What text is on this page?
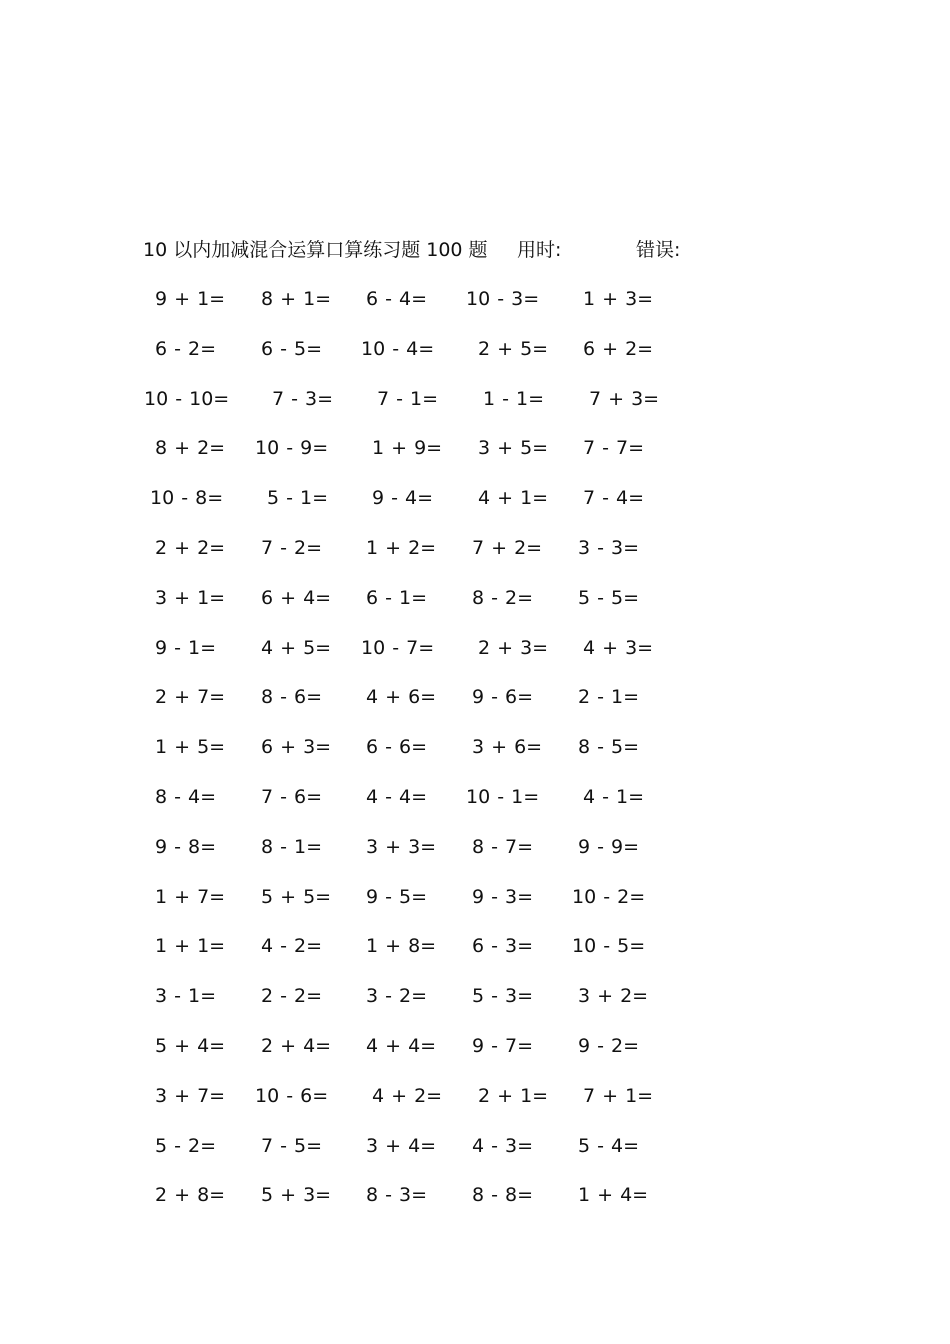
10 以内加减混合运算口算练习题 100 题 用时:	错误:
9 + 1= 8 + 1= 6 - 4= 10 - 3= 1 + 3=
6 - 2= 6 - 5= 10 - 4= 2 + 5= 6 + 2=
10 - 10= 7 - 3= 7 - 1= 1 - 1= 7 + 3=
8 + 2= 10 - 9= 1 + 9= 3 + 5= 7 - 7=
10 - 8= 5 - 1= 9 - 4= 4 + 1= 7 - 4=
2 + 2= 7 - 2= 1 + 2= 7 + 2= 3 - 3=
3 + 1= 6 + 4= 6 - 1= 8 - 2= 5 - 5=
9 - 1= 4 + 5= 10 - 7= 2 + 3= 4 + 3=
2 + 7= 8 - 6= 4 + 6= 9 - 6= 2 - 1=
1 + 5= 6 + 3= 6 - 6= 3 + 6= 8 - 5=
8 - 4= 7 - 6= 4 - 4= 10 - 1= 4 - 1=
9 - 8= 8 - 1= 3 + 3= 8 - 7= 9 - 9=
1 + 7= 5 + 5= 9 - 5= 9 - 3= 10 - 2=
1 + 1= 4 - 2= 1 + 8= 6 - 3= 10 - 5=
3 - 1= 2 - 2= 3 - 2= 5 - 3= 3 + 2=
5 + 4= 2 + 4= 4 + 4= 9 - 7= 9 - 2=
3 + 7= 10 - 6= 4 + 2= 2 + 1= 7 + 1=
5 - 2= 7 - 5= 3 + 4= 4 - 3= 5 - 4=
2 + 8= 5 + 3= 8 - 3= 8 - 8= 1 + 4=
